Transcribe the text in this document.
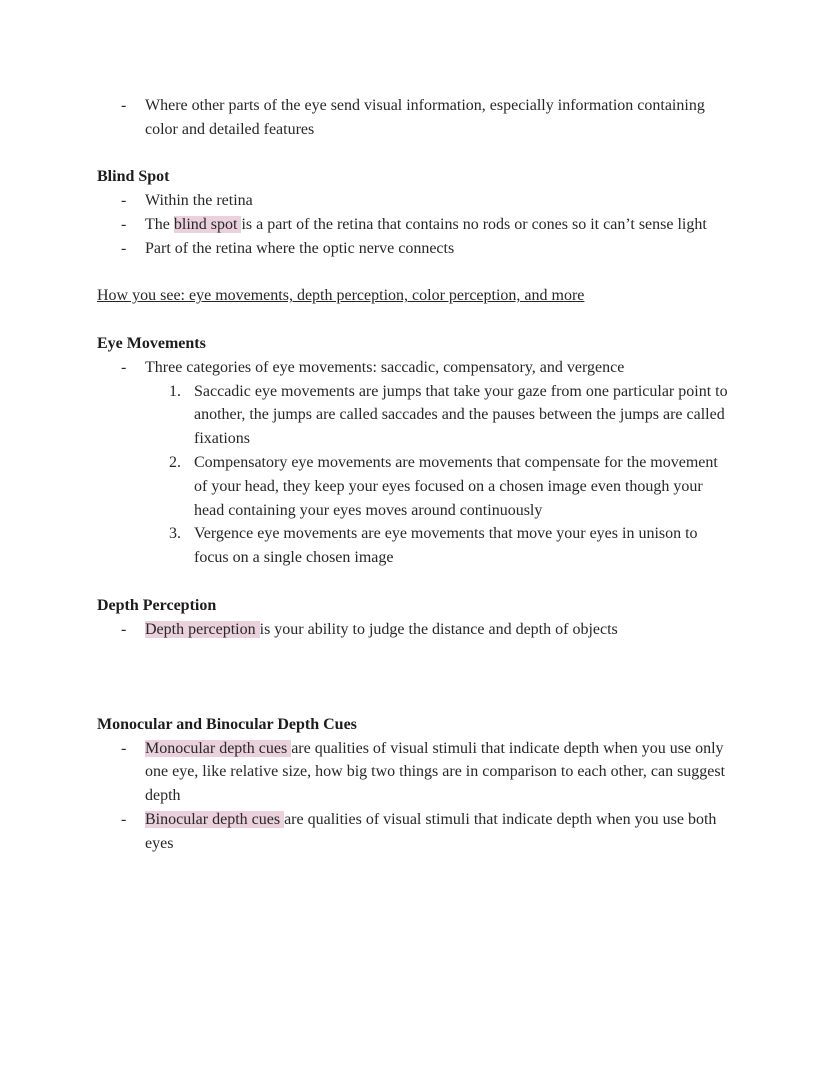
-	Where other parts of the eye send visual information, especially information containing color and detailed features
Blind Spot
-	Within the retina
-	The blind spot is a part of the retina that contains no rods or cones so it can’t sense light
-	Part of the retina where the optic nerve connects
How you see: eye movements, depth perception, color perception, and more
Eye Movements
-	Three categories of eye movements: saccadic, compensatory, and vergence
1. Saccadic eye movements are jumps that take your gaze from one particular point to another, the jumps are called saccades and the pauses between the jumps are called fixations
2. Compensatory eye movements are movements that compensate for the movement of your head, they keep your eyes focused on a chosen image even though your head containing your eyes moves around continuously
3. Vergence eye movements are eye movements that move your eyes in unison to focus on a single chosen image
Depth Perception
-	Depth perception is your ability to judge the distance and depth of objects
Monocular and Binocular Depth Cues
-	Monocular depth cues are qualities of visual stimuli that indicate depth when you use only one eye, like relative size, how big two things are in comparison to each other, can suggest depth
-	Binocular depth cues are qualities of visual stimuli that indicate depth when you use both eyes
